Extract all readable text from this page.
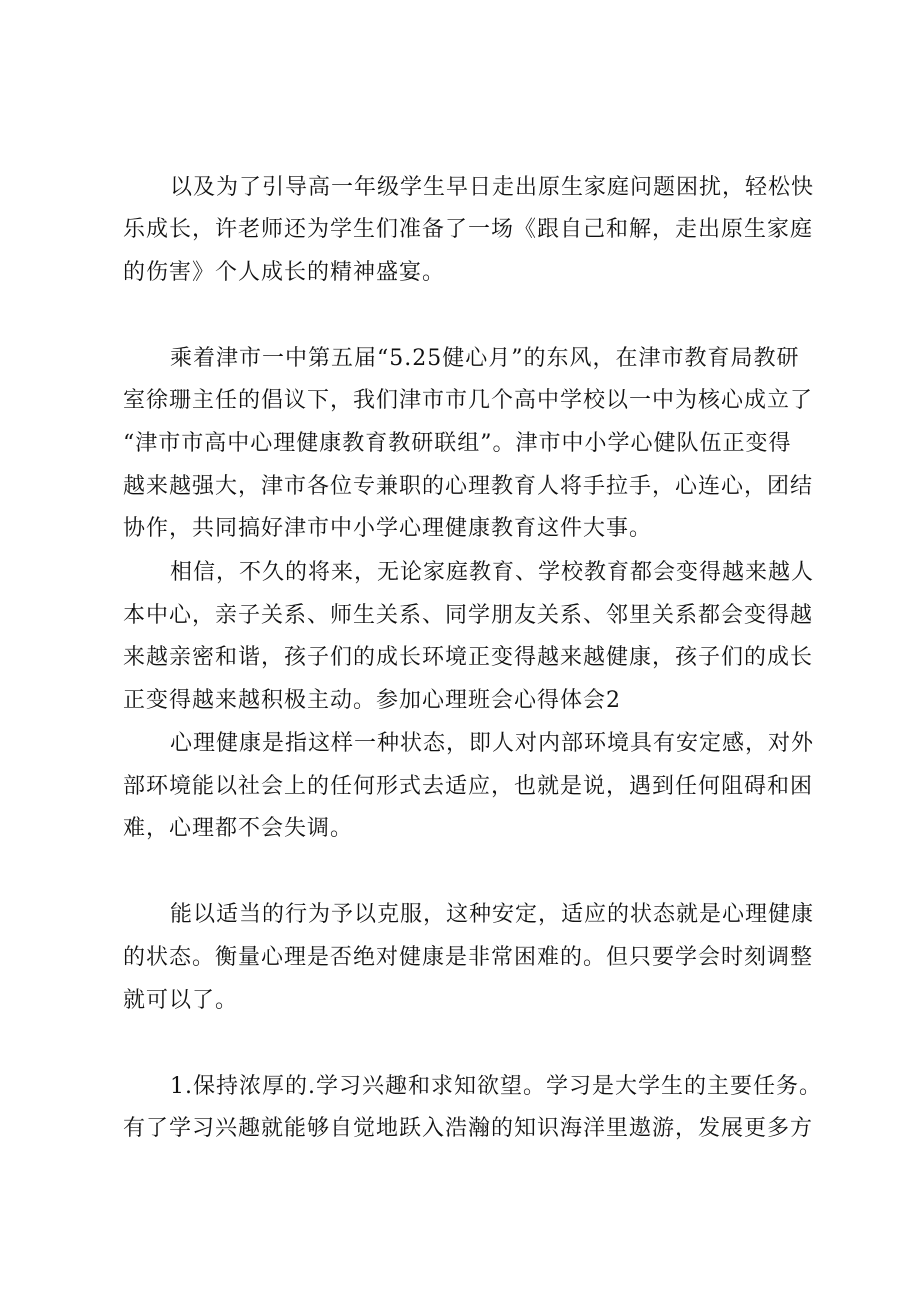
以及为了引导高一年级学生早日走出原生家庭问题困扰，轻松快

乐成长，许老师还为学生们准备了一场《跟自己和解，走出原生家庭

的伤害》个人成长的精神盛宴。

乘着津市一中第五届“5.25健心月”的东风，在津市教育局教研

室徐珊主任的倡议下，我们津市市几个高中学校以一中为核心成立了

“津市市高中心理健康教育教研联组”。津市中小学心健队伍正变得

越来越强大，津市各位专兼职的心理教育人将手拉手，心连心，团结

协作，共同搞好津市中小学心理健康教育这件大事。

相信，不久的将来，无论家庭教育、学校教育都会变得越来越人

本中心，亲子关系、师生关系、同学朋友关系、邻里关系都会变得越

来越亲密和谐，孩子们的成长环境正变得越来越健康，孩子们的成长

正变得越来越积极主动。参加心理班会心得体会2

心理健康是指这样一种状态，即人对内部环境具有安定感，对外

部环境能以社会上的任何形式去适应，也就是说，遇到任何阻碍和困

难，心理都不会失调。

能以适当的行为予以克服，这种安定，适应的状态就是心理健康

的状态。衡量心理是否绝对健康是非常困难的。但只要学会时刻调整

就可以了。

1.保持浓厚的.学习兴趣和求知欲望。学习是大学生的主要任务。

有了学习兴趣就能够自觉地跃入浩瀚的知识海洋里遨游，发展更多方
